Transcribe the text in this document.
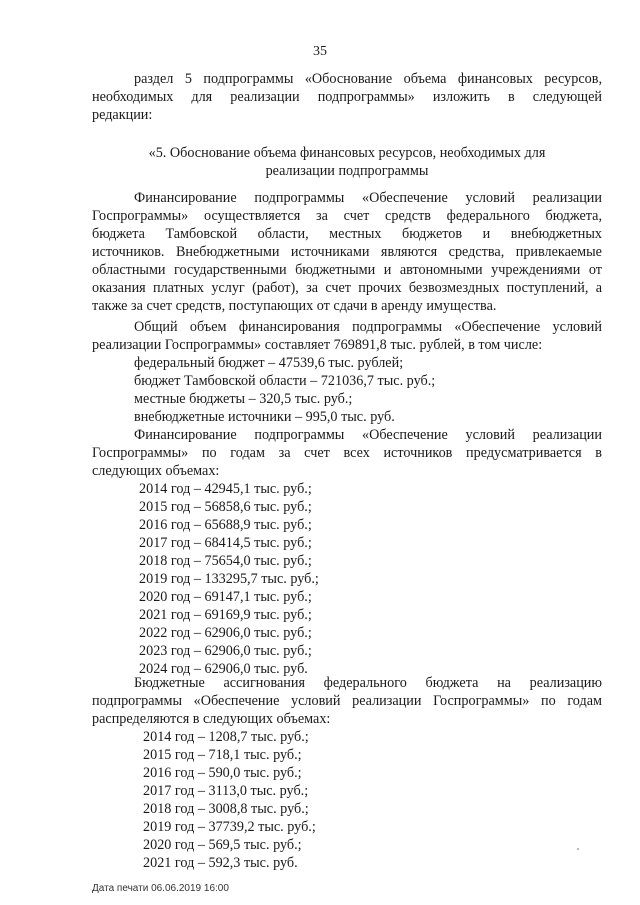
35
раздел 5 подпрограммы «Обоснование объема финансовых ресурсов,
необходимых для реализации подпрограммы» изложить в следующей
редакции:
«5. Обоснование объема финансовых ресурсов, необходимых для
реализации подпрограммы
Финансирование подпрограммы «Обеспечение условий реализации
Госпрограммы» осуществляется за счет средств федерального бюджета,
бюджета Тамбовской области, местных бюджетов и внебюджетных
источников. Внебюджетными источниками являются средства, привлекаемые
областными государственными бюджетными и автономными учреждениями от
оказания платных услуг (работ), за счет прочих безвозмездных поступлений, а
также за счет средств, поступающих от сдачи в аренду имущества.
Общий объем финансирования подпрограммы «Обеспечение условий
реализации Госпрограммы» составляет 769891,8 тыс. рублей, в том числе:
федеральный бюджет – 47539,6 тыс. рублей;
бюджет Тамбовской области – 721036,7 тыс. руб.;
местные бюджеты – 320,5 тыс. руб.;
внебюджетные источники – 995,0 тыс. руб.
Финансирование подпрограммы «Обеспечение условий реализации
Госпрограммы» по годам за счет всех источников предусматривается в
следующих объемах:
2014 год – 42945,1 тыс. руб.;
2015 год – 56858,6 тыс. руб.;
2016 год – 65688,9 тыс. руб.;
2017 год – 68414,5 тыс. руб.;
2018 год – 75654,0 тыс. руб.;
2019 год – 133295,7 тыс. руб.;
2020 год – 69147,1 тыс. руб.;
2021 год – 69169,9 тыс. руб.;
2022 год – 62906,0 тыс. руб.;
2023 год – 62906,0 тыс. руб.;
2024 год – 62906,0 тыс. руб.
Бюджетные ассигнования федерального бюджета на реализацию
подпрограммы «Обеспечение условий реализации Госпрограммы» по годам
распределяются в следующих объемах:
2014 год – 1208,7 тыс. руб.;
2015 год – 718,1 тыс. руб.;
2016 год – 590,0 тыс. руб.;
2017 год – 3113,0 тыс. руб.;
2018 год – 3008,8 тыс. руб.;
2019 год – 37739,2 тыс. руб.;
2020 год – 569,5 тыс. руб.;
2021 год – 592,3 тыс. руб.
Дата печати 06.06.2019 16:00
